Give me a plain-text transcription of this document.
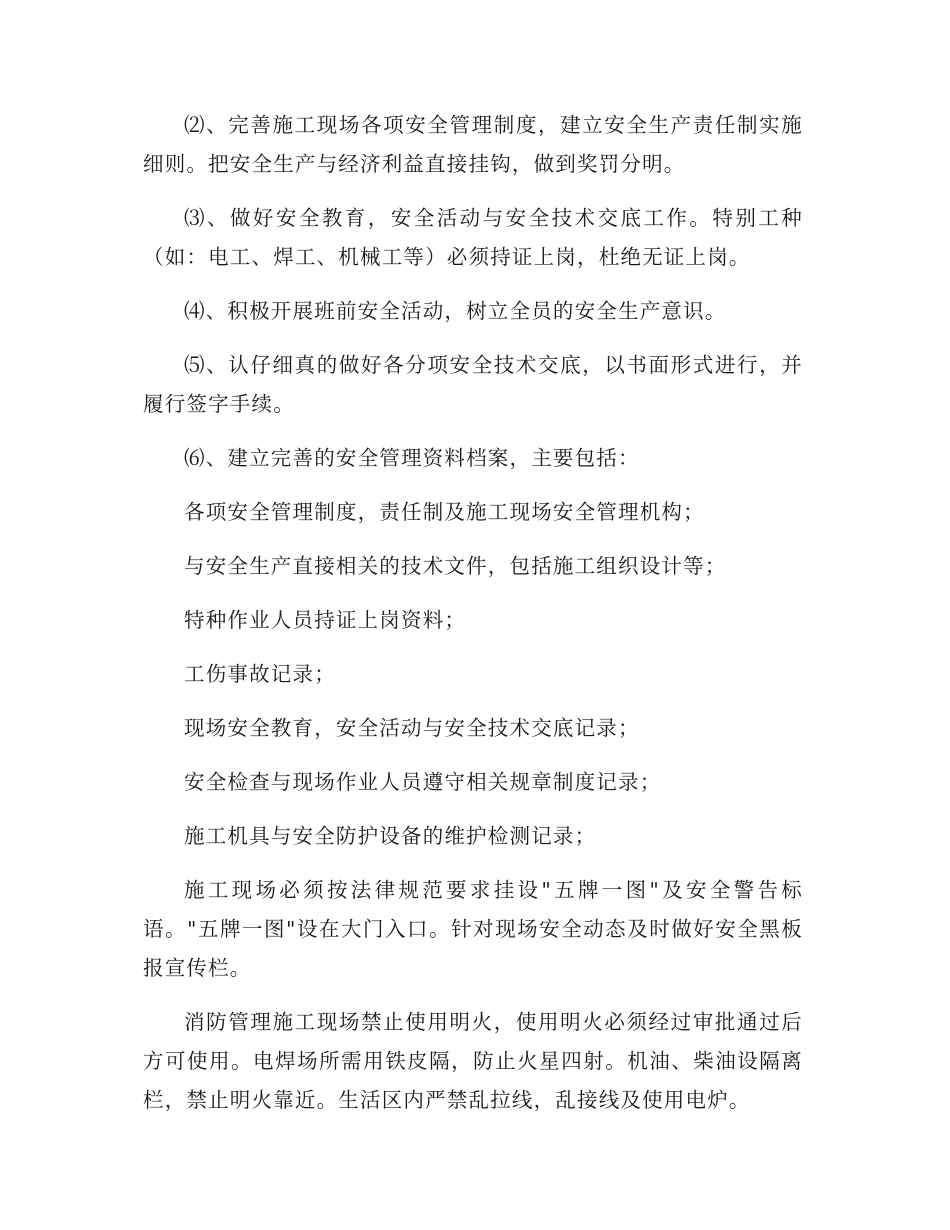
⑵、完善施工现场各项安全管理制度，建立安全生产责任制实施细则。把安全生产与经济利益直接挂钩，做到奖罚分明。

⑶、做好安全教育，安全活动与安全技术交底工作。特别工种（如：电工、焊工、机械工等）必须持证上岗，杜绝无证上岗。

⑷、积极开展班前安全活动，树立全员的安全生产意识。

⑸、认仔细真的做好各分项安全技术交底，以书面形式进行，并履行签字手续。

⑹、建立完善的安全管理资料档案，主要包括：

各项安全管理制度，责任制及施工现场安全管理机构；

与安全生产直接相关的技术文件，包括施工组织设计等；

特种作业人员持证上岗资料；

工伤事故记录；

现场安全教育，安全活动与安全技术交底记录；

安全检查与现场作业人员遵守相关规章制度记录；

施工机具与安全防护设备的维护检测记录；

施工现场必须按法律规范要求挂设"五牌一图"及安全警告标语。"五牌一图"设在大门入口。针对现场安全动态及时做好安全黑板报宣传栏。

消防管理施工现场禁止使用明火，使用明火必须经过审批通过后方可使用。电焊场所需用铁皮隔，防止火星四射。机油、柴油设隔离栏，禁止明火靠近。生活区内严禁乱拉线，乱接线及使用电炉。
